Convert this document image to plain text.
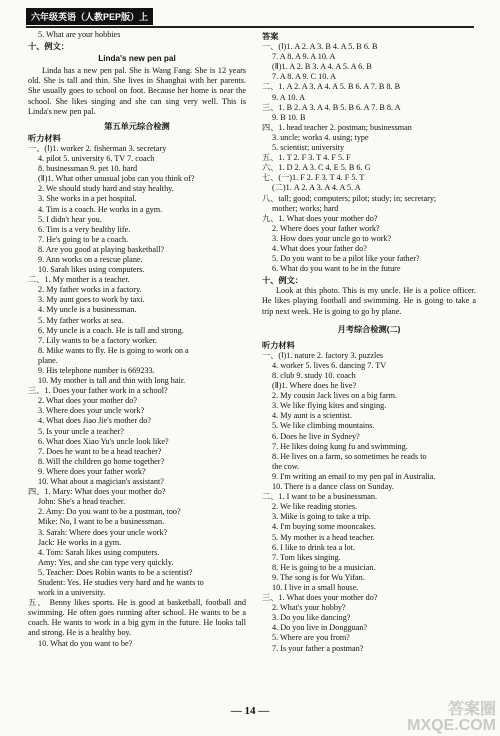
六年级英语（人教PEP版）上
5. What are your hobbies
十、例文：
Linda's new pen pal
Linda has a new pen pal. She is Wang Fang. She is 12 years old. She is tall and thin. She lives in Shanghai with her parents. She usually goes to school on foot. Because her home is near the school. She likes singing and she can sing very well. This is Linda's new pen pal.
第五单元综合检测
听力材料
一、(Ⅰ)1. worker 2. fisherman 3. secretary
4. pilot 5. university 6. TV 7. coach
8. businessman 9. pet 10. hard
(Ⅱ)1. What other unusual jobs can you think of?
2. We should study hard and stay healthy.
3. She works in a pet hospital.
4. Tim is a coach. He works in a gym.
5. I didn't hear you.
6. Tim is a very healthy life.
7. He's going to be a coach.
8. Are you good at playing basketball?
9. Ann works on a rescue plane.
10. Sarah likes using computers.
二、1. My mother is a teacher.
2. My father works in a factory.
3. My aunt goes to work by taxi.
4. My uncle is a businessman.
5. My father works at sea.
6. My uncle is a coach. He is tall and strong.
7. Lily wants to be a factory worker.
8. Mike wants to fly. He is going to work on a
plane.
9. His telephone number is 669233.
10. My mother is tall and thin with long hair.
三、1. Does your father work in a school?
2. What does your mother do?
3. Where does your uncle work?
4. What does Jiao Jie's mother do?
5. Is your uncle a teacher?
6. What does Xiao Yu's uncle look like?
7. Does he want to be a head teacher?
8. Will the children go home together?
9. Where does your father work?
10. What about a magician's assistant?
四、1. Mary: What does your mother do?
John: She's a head teacher.
2. Amy: Do you want to be a postman, too?
Mike: No, I want to be a businessman.
3. Sarah: Where does your uncle work?
Jack: He works in a gym.
4. Tom: Sarah likes using computers.
Amy: Yes, and she can type very quickly.
5. Teacher: Does Robin wants to be a scientist?
Student: Yes. He studies very hard and he wants to
work in a university.
五、 Benny likes sports. He is good at basketball, football and swimming. He often goes running after school. He wants to be a coach. He wants to work in a big gym in the future. He looks tall and strong. He is a healthy boy.
10. What do you want to be?
答案
一、(Ⅰ)1. A 2. A 3. B 4. A 5. B 6. B
7. A 8. A 9. A 10. A
(Ⅱ)1. A 2. B 3. A 4. A 5. A 6. B
7. A 8. A 9. C 10. A
二、1. A 2. A 3. A 4. A 5. B 6. A 7. B 8. B
9. A 10. A
三、1. B 2. A 3. A 4. B 5. B 6. A 7. B 8. A
9. B 10. B
四、1. head teacher 2. postman; businessman
3. uncle; works 4. using; type
5. scientist; university
五、1. T 2. F 3. T 4. F 5. F
六、1. D 2. A 3. C 4. E 5. B 6. G
七、(一)1. F 2. F 3. T 4. F 5. T
(二)1. A 2. A 3. A 4. A 5. A
八、tall; good; computers; pilot; study; in; secretary;
mother; works; hard
九、1. What does your mother do?
2. Where does your father work?
3. How does your uncle go to work?
4. What does your father do?
5. Do you want to be a pilot like your father?
6. What do you want to be in the future
十、例文：
Look at this photo. This is my uncle. He is a police officer. He likes playing football and swimming. He is going to take a trip next week. He is going to go by plane.
月考综合检测(二)
听力材料
一、(Ⅰ)1. nature 2. factory 3. puzzles
4. worker 5. lives 6. dancing 7. TV
8. club 9. study 10. coach
(Ⅱ)1. Where does he live?
2. My cousin Jack lives on a big farm.
3. We like flying kites and singing.
4. My aunt is a scientist.
5. We like climbing mountains.
6. Does he live in Sydney?
7. He likes doing kung fu and swimming.
8. He lives on a farm, so sometimes he reads to
the cow.
9. I'm writing an email to my pen pal in Australia.
10. There is a dance class on Sunday.
二、1. I want to be a businessman.
2. We like reading stories.
3. Mike is going to take a trip.
4. I'm buying some mooncakes.
5. My mother is a head teacher.
6. I like to drink tea a lot.
7. Tom likes singing.
8. He is going to be a musician.
9. The song is for Wu Yifan.
10. I live in a small house.
三、1. What does your mother do?
2. What's your hobby?
3. Do you like dancing?
4. Do you live in Dongguan?
5. Where are you from?
7. Is your father a postman?
— 14 —	答案圈
MXQE.COM
